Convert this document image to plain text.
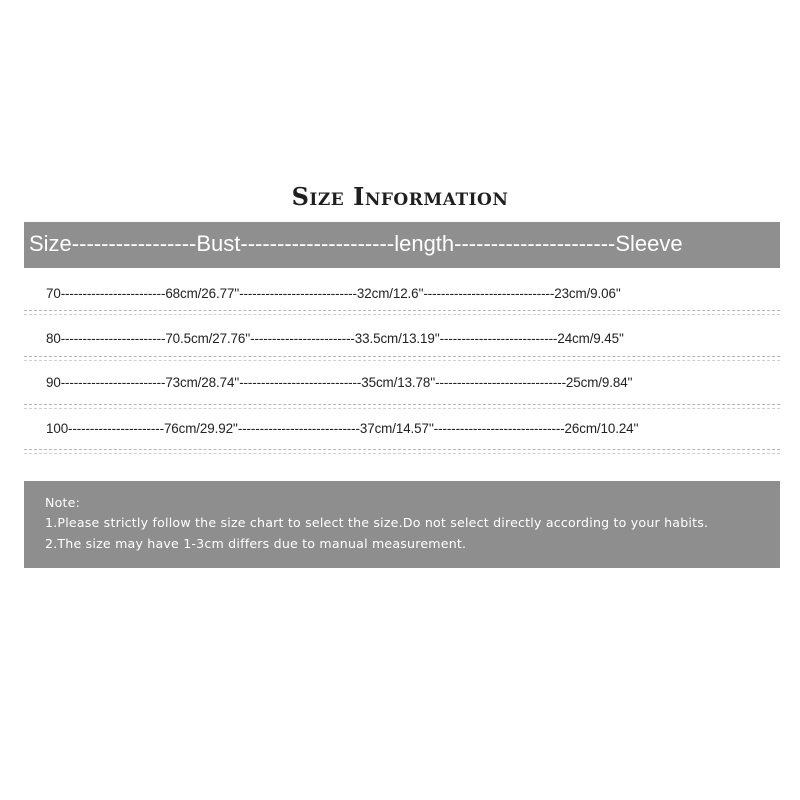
Size Information
Size-----------------Bust---------------------length----------------------Sleeve
70------------------------68cm/26.77''---------------------------32cm/12.6''------------------------------23cm/9.06''
80------------------------70.5cm/27.76''------------------------33.5cm/13.19''---------------------------24cm/9.45''
90------------------------73cm/28.74''----------------------------35cm/13.78''------------------------------25cm/9.84''
100----------------------76cm/29.92''----------------------------37cm/14.57''------------------------------26cm/10.24''
Note:
1.Please strictly follow the size chart to select the size.Do not select directly according to your habits.
2.The size may have 1-3cm differs due to manual measurement.
